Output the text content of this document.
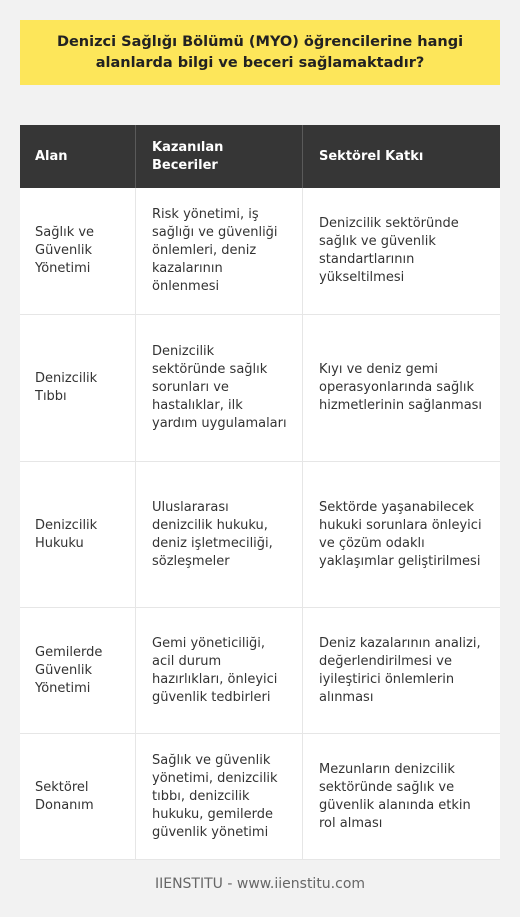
Denizci Sağlığı Bölümü (MYO) öğrencilerine hangi alanlarda bilgi ve beceri sağlamaktadır?
Alan
Kazanılan Beceriler
Sektörel Katkı
Sağlık ve Güvenlik Yönetimi
Risk yönetimi, iş sağlığı ve güvenliği önlemleri, deniz kazalarının önlenmesi
Denizcilik sektöründe sağlık ve güvenlik standartlarının yükseltilmesi
Denizcilik Tıbbı
Denizcilik sektöründe sağlık sorunları ve hastalıklar, ilk yardım uygulamaları
Kıyı ve deniz gemi operasyonlarında sağlık hizmetlerinin sağlanması
Denizcilik Hukuku
Uluslararası denizcilik hukuku, deniz işletmeciliği, sözleşmeler
Sektörde yaşanabilecek hukuki sorunlara önleyici ve çözüm odaklı yaklaşımlar geliştirilmesi
Gemilerde Güvenlik Yönetimi
Gemi yöneticiliği, acil durum hazırlıkları, önleyici güvenlik tedbirleri
Deniz kazalarının analizi, değerlendirilmesi ve iyileştirici önlemlerin alınması
Sektörel Donanım
Sağlık ve güvenlik yönetimi, denizcilik tıbbı, denizcilik hukuku, gemilerde güvenlik yönetimi
Mezunların denizcilik sektöründe sağlık ve güvenlik alanında etkin rol alması
IIENSTITU - www.iienstitu.com
